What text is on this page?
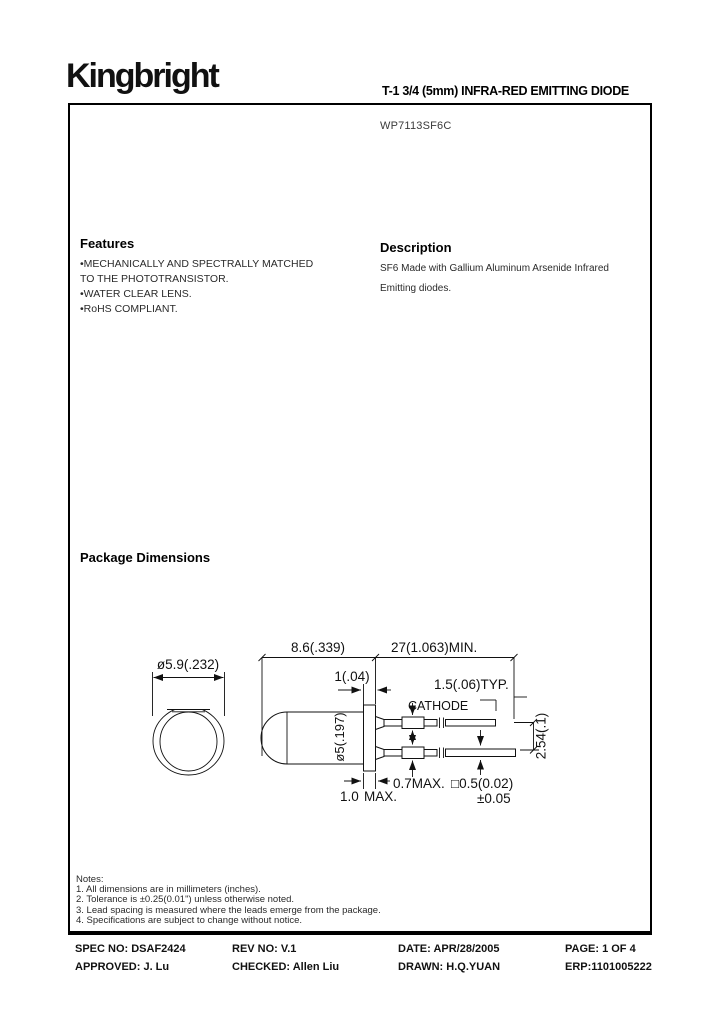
Kingbright	T-1 3/4 (5mm) INFRA-RED EMITTING DIODE
WP7113SF6C
Features
•MECHANICALLY AND SPECTRALLY MATCHED
TO THE PHOTOTRANSISTOR.
•WATER CLEAR LENS.
•RoHS COMPLIANT.
Description
SF6 Made with Gallium Aluminum Arsenide Infrared
Emitting diodes.
Package Dimensions
ø5.9(.232)
ø5(.197)
8.6(.339)	27(1.063)MIN.
1(.04)
CATHODE
1.5(.06)TYP.
2.54(.1)
0.7MAX. □0.5(0.02)
±0.05
1.0 MAX.
Notes:
1. All dimensions are in millimeters (inches).
2. Tolerance is ±0.25(0.01") unless otherwise noted.
3. Lead spacing is measured where the leads emerge from the package.
4. Specifications are subject to change without notice.
SPEC NO: DSAF2424	REV NO: V.1	DATE: APR/28/2005	PAGE: 1 OF 4
APPROVED: J. Lu	CHECKED: Allen Liu	DRAWN: H.Q.YUAN	ERP:1101005222
